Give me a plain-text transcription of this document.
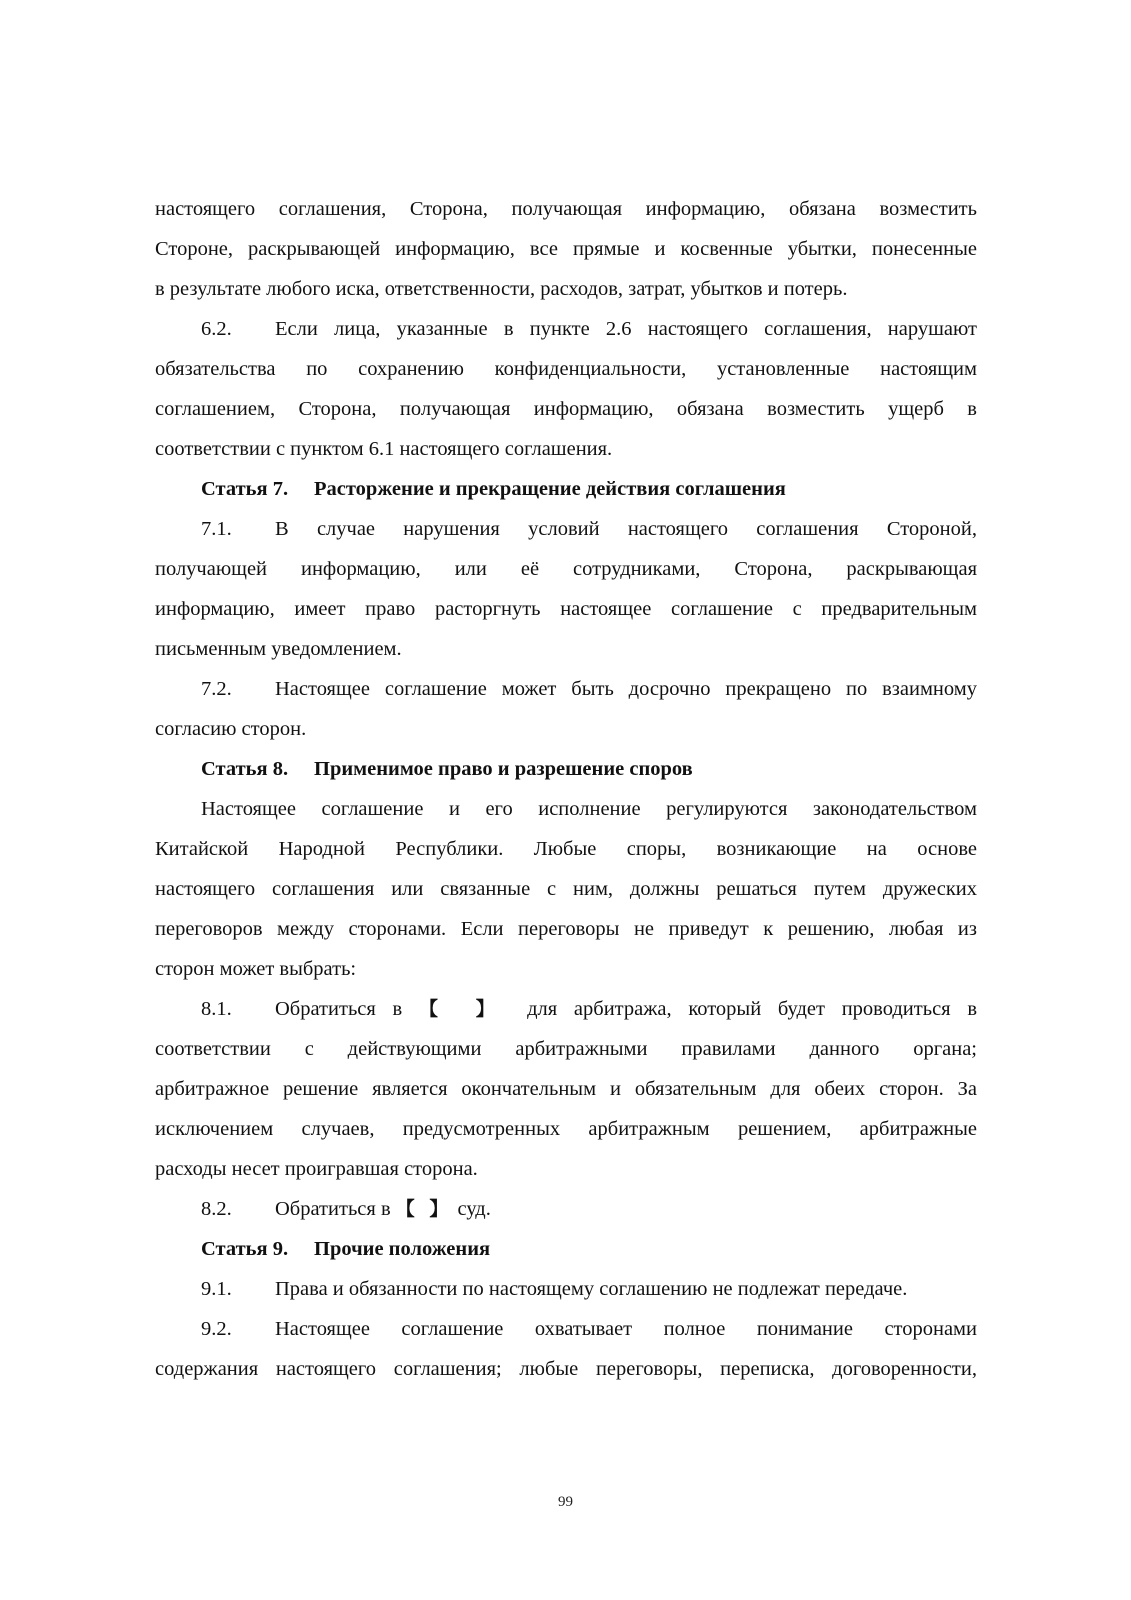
настоящего соглашения, Сторона, получающая информацию, обязана возместить
Стороне, раскрывающей информацию, все прямые и косвенные убытки, понесенные
в результате любого иска, ответственности, расходов, затрат, убытков и потерь.
6.2. Если лица, указанные в пункте 2.6 настоящего соглашения, нарушают
обязательства по сохранению конфиденциальности, установленные настоящим
соглашением, Сторона, получающая информацию, обязана возместить ущерб в
соответствии с пунктом 6.1 настоящего соглашения.
Статья 7. Расторжение и прекращение действия соглашения
7.1. В случае нарушения условий настоящего соглашения Стороной,
получающей информацию, или её сотрудниками, Сторона, раскрывающая
информацию, имеет право расторгнуть настоящее соглашение с предварительным
письменным уведомлением.
7.2. Настоящее соглашение может быть досрочно прекращено по взаимному
согласию сторон.
Статья 8. Применимое право и разрешение споров
Настоящее соглашение и его исполнение регулируются законодательством
Китайской Народной Республики. Любые споры, возникающие на основе
настоящего соглашения или связанные с ним, должны решаться путем дружеских
переговоров между сторонами. Если переговоры не приведут к решению, любая из
сторон может выбрать:
8.1. Обратиться в 【 】 для арбитража, который будет проводиться в
соответствии с действующими арбитражными правилами данного органа;
арбитражное решение является окончательным и обязательным для обеих сторон. За
исключением случаев, предусмотренных арбитражным решением, арбитражные
расходы несет проигравшая сторона.
8.2. Обратиться в 【 】 суд.
Статья 9. Прочие положения
9.1. Права и обязанности по настоящему соглашению не подлежат передаче.
9.2. Настоящее соглашение охватывает полное понимание сторонами
содержания настоящего соглашения; любые переговоры, переписка, договоренности,
99
